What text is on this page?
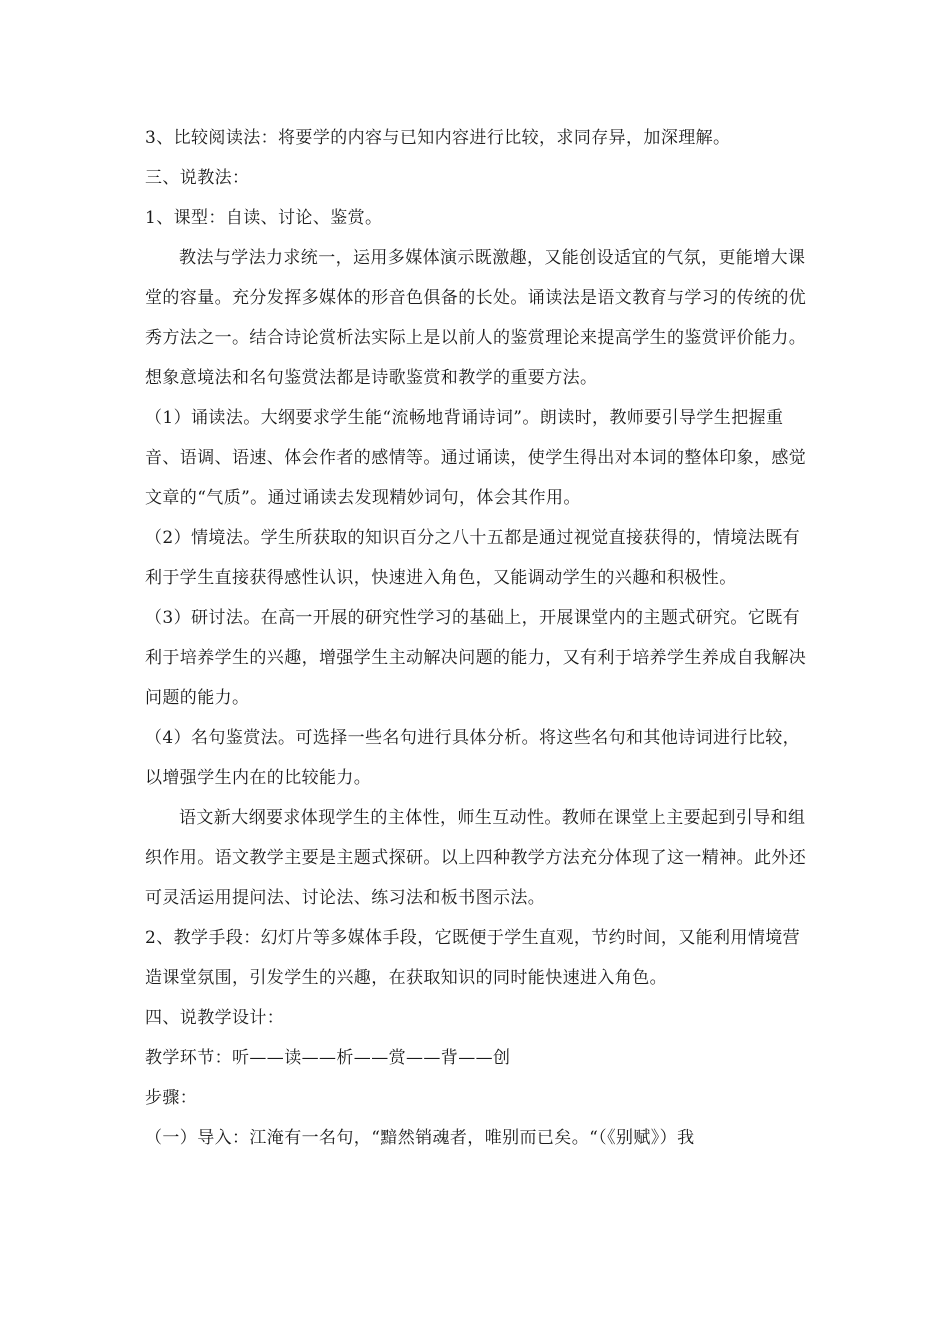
3、比较阅读法：将要学的内容与已知内容进行比较，求同存异，加深理解。

三、说教法：

1、课型：自读、讨论、鉴赏。

教法与学法力求统一，运用多媒体演示既激趣，又能创设适宜的气氛，更能增大课堂的容量。充分发挥多媒体的形音色俱备的长处。诵读法是语文教育与学习的传统的优秀方法之一。结合诗论赏析法实际上是以前人的鉴赏理论来提高学生的鉴赏评价能力。想象意境法和名句鉴赏法都是诗歌鉴赏和教学的重要方法。

（1）诵读法。大纲要求学生能“流畅地背诵诗词”。朗读时，教师要引导学生把握重音、语调、语速、体会作者的感情等。通过诵读，使学生得出对本词的整体印象，感觉文章的“气质”。通过诵读去发现精妙词句，体会其作用。

（2）情境法。学生所获取的知识百分之八十五都是通过视觉直接获得的，情境法既有利于学生直接获得感性认识，快速进入角色，又能调动学生的兴趣和积极性。

（3）研讨法。在高一开展的研究性学习的基础上，开展课堂内的主题式研究。它既有利于培养学生的兴趣，增强学生主动解决问题的能力，又有利于培养学生养成自我解决问题的能力。

（4）名句鉴赏法。可选择一些名句进行具体分析。将这些名句和其他诗词进行比较，以增强学生内在的比较能力。

语文新大纲要求体现学生的主体性，师生互动性。教师在课堂上主要起到引导和组织作用。语文教学主要是主题式探研。以上四种教学方法充分体现了这一精神。此外还可灵活运用提问法、讨论法、练习法和板书图示法。

2、教学手段：幻灯片等多媒体手段，它既便于学生直观，节约时间，又能利用情境营造课堂氛围，引发学生的兴趣，在获取知识的同时能快速进入角色。

四、说教学设计：

教学环节：听——读——析——赏——背——创

步骤：

（一）导入：江淹有一名句，“黯然销魂者，唯别而已矣。“（《别赋》）我
